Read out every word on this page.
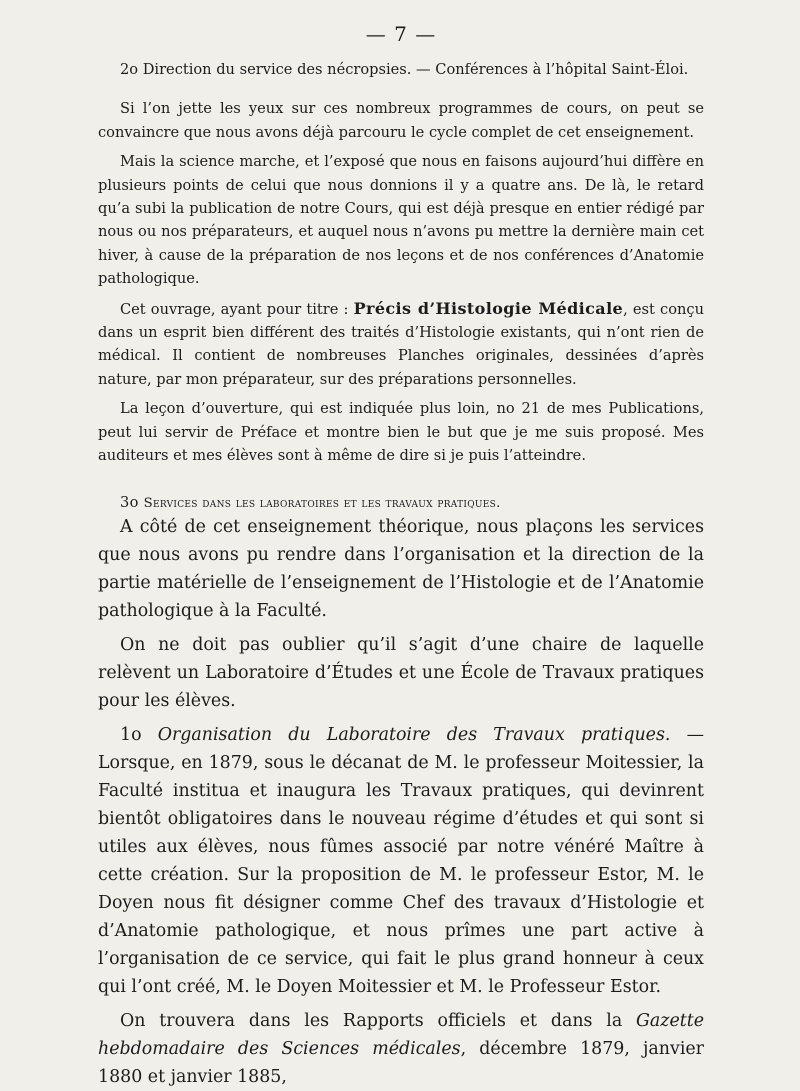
— 7 —

2o Direction du service des nécropsies. — Conférences à l’hôpital Saint-Éloi.

Si l’on jette les yeux sur ces nombreux programmes de cours, on peut se convaincre que nous avons déjà parcouru le cycle complet de cet enseignement.

Mais la science marche, et l’exposé que nous en faisons aujourd’hui diffère en plusieurs points de celui que nous donnions il y a quatre ans. De là, le retard qu’a subi la publication de notre Cours, qui est déjà presque en entier rédigé par nous ou nos préparateurs, et auquel nous n’avons pu mettre la dernière main cet hiver, à cause de la préparation de nos leçons et de nos conférences d’Anatomie pathologique.

Cet ouvrage, ayant pour titre : Précis d’Histologie Médicale, est conçu dans un esprit bien différent des traités d’Histologie existants, qui n’ont rien de médical. Il contient de nombreuses Planches originales, dessinées d’après nature, par mon préparateur, sur des préparations personnelles.

La leçon d’ouverture, qui est indiquée plus loin, no 21 de mes Publications, peut lui servir de Préface et montre bien le but que je me suis proposé. Mes auditeurs et mes élèves sont à même de dire si je puis l’atteindre.

3o Services dans les laboratoires et les travaux pratiques.

A côté de cet enseignement théorique, nous plaçons les services que nous avons pu rendre dans l’organisation et la direction de la partie matérielle de l’enseignement de l’Histologie et de l’Anatomie pathologique à la Faculté.

On ne doit pas oublier qu’il s’agit d’une chaire de laquelle relèvent un Laboratoire d’Études et une École de Travaux pratiques pour les élèves.

1o Organisation du Laboratoire des Travaux pratiques. — Lorsque, en 1879, sous le décanat de M. le professeur Moitessier, la Faculté institua et inaugura les Travaux pratiques, qui devinrent bientôt obligatoires dans le nouveau régime d’études et qui sont si utiles aux élèves, nous fûmes associé par notre vénéré Maître à cette création. Sur la proposition de M. le professeur Estor, M. le Doyen nous fit désigner comme Chef des travaux d’Histologie et d’Anatomie pathologique, et nous prîmes une part active à l’organisation de ce service, qui fait le plus grand honneur à ceux qui l’ont créé, M. le Doyen Moitessier et M. le Professeur Estor.

On trouvera dans les Rapports officiels et dans la Gazette hebdomadaire des Sciences médicales, décembre 1879, janvier 1880 et janvier 1885,
